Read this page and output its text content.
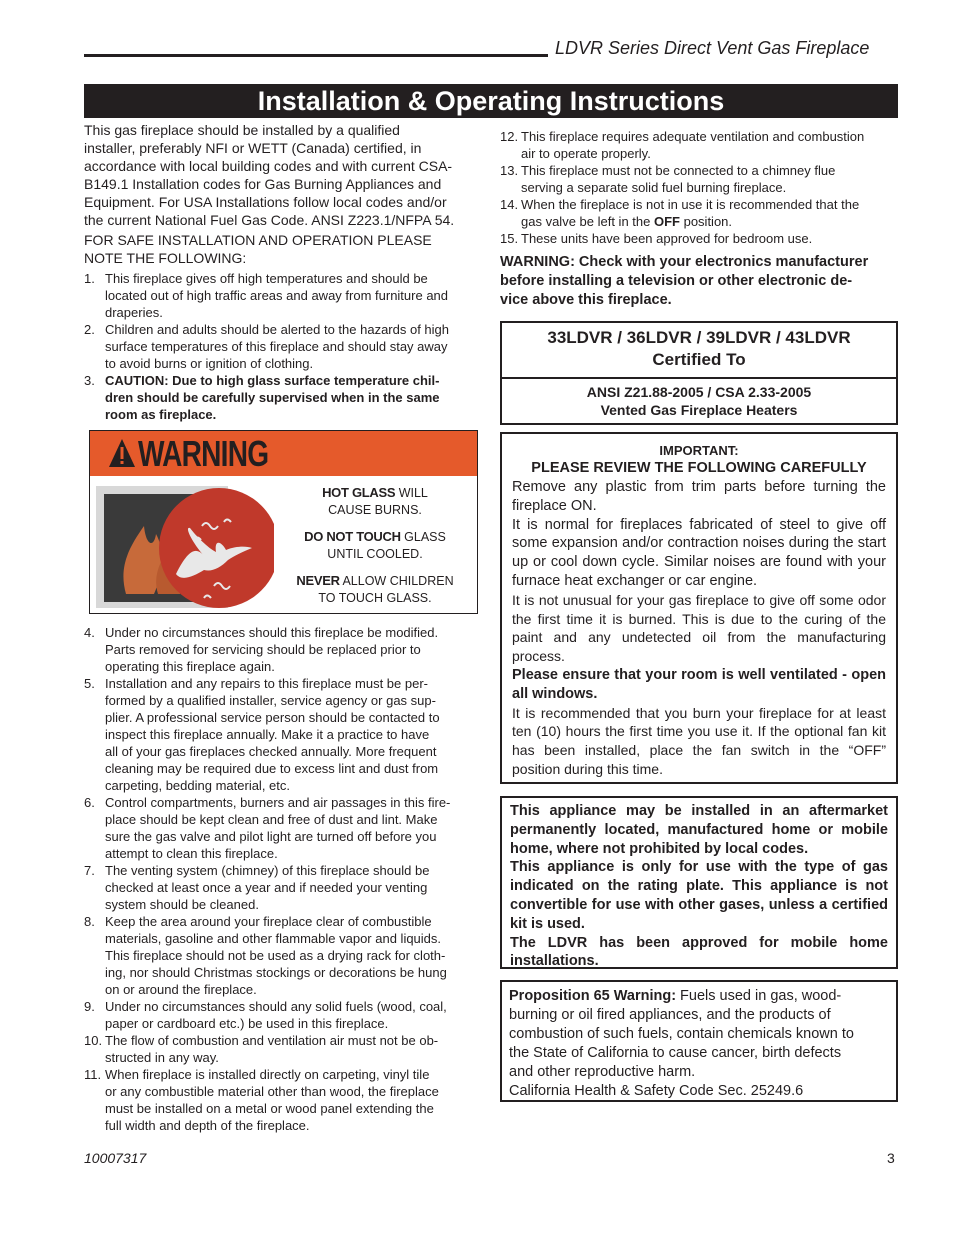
LDVR Series Direct Vent Gas Fireplace
Installation & Operating Instructions
This gas fireplace should be installed by a qualified
installer, preferably NFI or WETT (Canada) certified, in
accordance with local building codes and with current CSA-
B149.1 Installation codes for Gas Burning Appliances and
Equipment. For USA Installations follow local codes and/or
the current National Fuel Gas Code. ANSI Z223.1/NFPA 54.
FOR SAFE INSTALLATION AND OPERATION PLEASE
NOTE THE FOLLOWING:
1. This fireplace gives off high temperatures and should be
located out of high traffic areas and away from furniture and
draperies.
2. Children and adults should be alerted to the hazards of high
surface temperatures of this fireplace and should stay away
to avoid burns or ignition of clothing.
3. CAUTION: Due to high glass surface temperature chil-
dren should be carefully supervised when in the same
room as fireplace.
HOT GLASS WILL
CAUSE BURNS.
DO NOT TOUCH GLASS
UNTIL COOLED.
NEVER ALLOW CHILDREN
TO TOUCH GLASS.
WARNING
4. Under no circumstances should this fireplace be modified.
Parts removed for servicing should be replaced prior to
operating this fireplace again.
5. Installation and any repairs to this fireplace must be per-
formed by a qualified installer, service agency or gas sup-
plier. A professional service person should be contacted to
inspect this fireplace annually. Make it a practice to have
all of your gas fireplaces checked annually. More frequent
cleaning may be required due to excess lint and dust from
carpeting, bedding material, etc.
6. Control compartments, burners and air passages in this fire-
place should be kept clean and free of dust and lint. Make
sure the gas valve and pilot light are turned off before you
attempt to clean this fireplace.
7. The venting system (chimney) of this fireplace should be
checked at least once a year and if needed your venting
system should be cleaned.
8. Keep the area around your fireplace clear of combustible
materials, gasoline and other flammable vapor and liquids.
This fireplace should not be used as a drying rack for cloth-
ing, nor should Christmas stockings or decorations be hung
on or around the fireplace.
9. Under no circumstances should any solid fuels (wood, coal,
paper or cardboard etc.) be used in this fireplace.
10. The flow of combustion and ventilation air must not be ob-
structed in any way.
11. When fireplace is installed directly on carpeting, vinyl tile
or any combustible material other than wood, the fireplace
must be installed on a metal or wood panel extending the
full width and depth of the fireplace.
12. This fireplace requires adequate ventilation and combustion
air to operate properly.
13. This fireplace must not be connected to a chimney flue
serving a separate solid fuel burning fireplace.
14. When the fireplace is not in use it is recommended that the
gas valve be left in the OFF position.
15. These units have been approved for bedroom use.
WARNING: Check with your electronics manufacturer
before installing a television or other electronic de-
vice above this fireplace.
33LDVR / 36LDVR / 39LDVR / 43LDVR
Certified To
ANSI Z21.88-2005 / CSA 2.33-2005
Vented Gas Fireplace Heaters
IMPORTANT:
PLEASE REVIEW THE FOLLOWING CAREFULLY
Remove any plastic from trim parts before turning the fireplace ON.
It is normal for fireplaces fabricated of steel to give off some expansion and/or contraction noises during the start up or cool down cycle. Similar noises are found with your furnace heat exchanger or car engine.
It is not unusual for your gas fireplace to give off some odor the first time it is burned. This is due to the curing of the paint and any undetected oil from the manufacturing process.
Please ensure that your room is well ventilated - open all windows.
It is recommended that you burn your fireplace for at least ten (10) hours the first time you use it. If the optional fan kit has been installed, place the fan switch in the “OFF” position during this time.
This appliance may be installed in an aftermarket permanently located, manufactured home or mobile home, where not prohibited by local codes.
This appliance is only for use with the type of gas indicated on the rating plate. This appliance is not convertible for use with other gases, unless a certified kit is used.
The LDVR has been approved for mobile home installations.
Proposition 65 Warning: Fuels used in gas, wood-
burning or oil fired appliances, and the products of
combustion of such fuels, contain chemicals known to
the State of California to cause cancer, birth defects
and other reproductive harm.
California Health & Safety Code Sec. 25249.6
10007317	3
